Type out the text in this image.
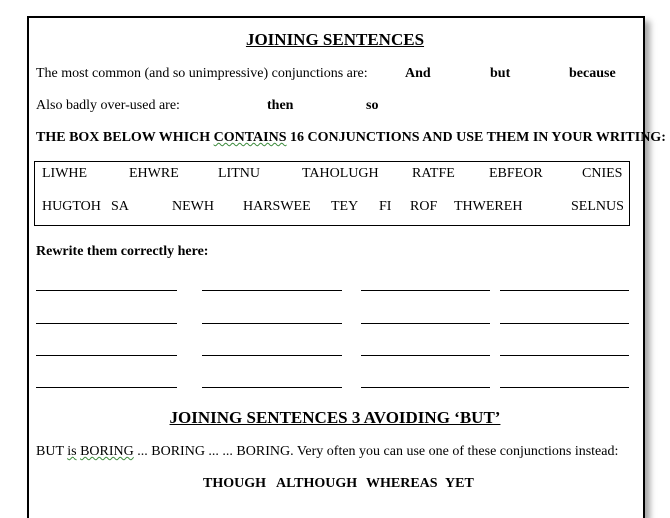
JOINING SENTENCES
The most common (and so unimpressive) conjunctions are:	And	but	because
Also badly over-used are:	then	so
THE BOX BELOW WHICH CONTAINS 16 CONJUNCTIONS AND USE THEM IN YOUR WRITING:
LIWHE	EHWRE	LITNU	TAHOLUGH RATFE EBFEOR	CNIES
HUGTOH SA	NEWH HARSWEE TEY FI ROF THWEREH	SELNUS
Rewrite them correctly here:
JOINING SENTENCES 3 AVOIDING ‘BUT’
BUT is BORING ... BORING ... ... BORING. Very often you can use one of these conjunctions instead:
THOUGH ALTHOUGH WHEREAS YET
